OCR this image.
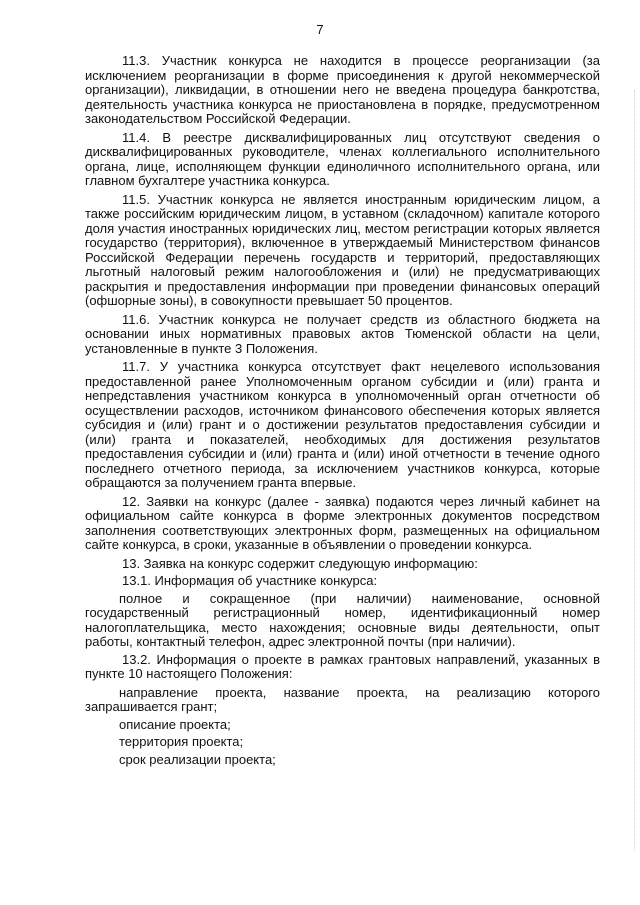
7

11.3. Участник конкурса не находится в процессе реорганизации (за исключением реорганизации в форме присоединения к другой некоммерческой организации), ликвидации, в отношении него не введена процедура банкротства, деятельность участника конкурса не приостановлена в порядке, предусмотренном законодательством Российской Федерации.

11.4. В реестре дисквалифицированных лиц отсутствуют сведения о дисквалифицированных руководителе, членах коллегиального исполнительного органа, лице, исполняющем функции единоличного исполнительного органа, или главном бухгалтере участника конкурса.

11.5. Участник конкурса не является иностранным юридическим лицом, а также российским юридическим лицом, в уставном (складочном) капитале которого доля участия иностранных юридических лиц, местом регистрации которых является государство (территория), включенное в утверждаемый Министерством финансов Российской Федерации перечень государств и территорий, предоставляющих льготный налоговый режим налогообложения и (или) не предусматривающих раскрытия и предоставления информации при проведении финансовых операций (офшорные зоны), в совокупности превышает 50 процентов.

11.6. Участник конкурса не получает средств из областного бюджета на основании иных нормативных правовых актов Тюменской области на цели, установленные в пункте 3 Положения.

11.7. У участника конкурса отсутствует факт нецелевого использования предоставленной ранее Уполномоченным органом субсидии и (или) гранта и непредставления участником конкурса в уполномоченный орган отчетности об осуществлении расходов, источником финансового обеспечения которых является субсидия и (или) грант и о достижении результатов предоставления субсидии и (или) гранта и показателей, необходимых для достижения результатов предоставления субсидии и (или) гранта и (или) иной отчетности в течение одного последнего отчетного периода, за исключением участников конкурса, которые обращаются за получением гранта впервые.

12. Заявки на конкурс (далее - заявка) подаются через личный кабинет на официальном сайте конкурса в форме электронных документов посредством заполнения соответствующих электронных форм, размещенных на официальном сайте конкурса, в сроки, указанные в объявлении о проведении конкурса.

13. Заявка на конкурс содержит следующую информацию:

13.1. Информация об участнике конкурса:

полное и сокращенное (при наличии) наименование, основной государственный регистрационный номер, идентификационный номер налогоплательщика, место нахождения; основные виды деятельности, опыт работы, контактный телефон, адрес электронной почты (при наличии).

13.2. Информация о проекте в рамках грантовых направлений, указанных в пункте 10 настоящего Положения:

направление проекта, название проекта, на реализацию которого запрашивается грант;

описание проекта;

территория проекта;

срок реализации проекта;
